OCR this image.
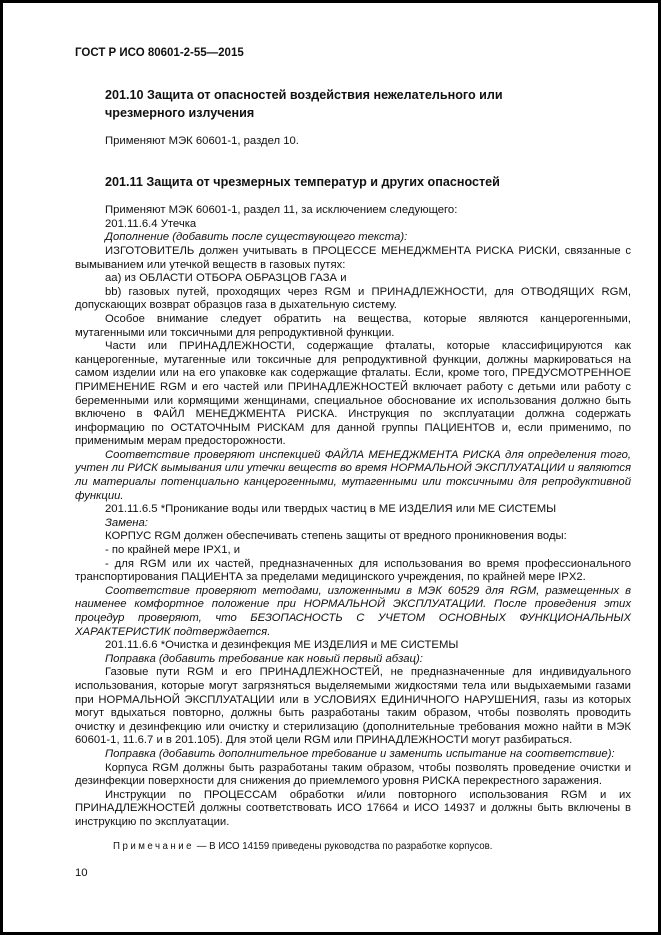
ГОСТ Р ИСО 80601-2-55—2015

201.10 Защита от опасностей воздействия нежелательного или чрезмерного излучения

Применяют МЭК 60601-1, раздел 10.

201.11 Защита от чрезмерных температур и других опасностей

Применяют МЭК 60601-1, раздел 11, за исключением следующего:

201.11.6.4 Утечка

Дополнение (добавить после существующего текста):

ИЗГОТОВИТЕЛЬ должен учитывать в ПРОЦЕССЕ МЕНЕДЖМЕНТА РИСКА РИСКИ, связанные с вымыванием или утечкой веществ в газовых путях:

aa) из ОБЛАСТИ ОТБОРА ОБРАЗЦОВ ГАЗА и

bb) газовых путей, проходящих через RGM и ПРИНАДЛЕЖНОСТИ, для ОТВОДЯЩИХ RGM, допускающих возврат образцов газа в дыхательную систему.

Особое внимание следует обратить на вещества, которые являются канцерогенными, мутагенными или токсичными для репродуктивной функции.

Части или ПРИНАДЛЕЖНОСТИ, содержащие фталаты, которые классифицируются как канцерогенные, мутагенные или токсичные для репродуктивной функции, должны маркироваться на самом изделии или на его упаковке как содержащие фталаты. Если, кроме того, ПРЕДУСМОТРЕННОЕ ПРИМЕНЕНИЕ RGM и его частей или ПРИНАДЛЕЖНОСТЕЙ включает работу с детьми или работу с беременными или кормящими женщинами, специальное обоснование их использования должно быть включено в ФАЙЛ МЕНЕДЖМЕНТА РИСКА. Инструкция по эксплуатации должна содержать информацию по ОСТАТОЧНЫМ РИСКАМ для данной группы ПАЦИЕНТОВ и, если применимо, по применимым мерам предосторожности.

Соответствие проверяют инспекцией ФАЙЛА МЕНЕДЖМЕНТА РИСКА для определения того, учтен ли РИСК вымывания или утечки веществ во время НОРМАЛЬНОЙ ЭКСПЛУАТАЦИИ и являются ли материалы потенциально канцерогенными, мутагенными или токсичными для репродуктивной функции.

201.11.6.5 *Проникание воды или твердых частиц в МЕ ИЗДЕЛИЯ или МЕ СИСТЕМЫ

Замена:

КОРПУС RGM должен обеспечивать степень защиты от вредного проникновения воды:

- по крайней мере IPX1, и

- для RGM или их частей, предназначенных для использования во время профессионального транспортирования ПАЦИЕНТА за пределами медицинского учреждения, по крайней мере IPX2.

Соответствие проверяют методами, изложенными в МЭК 60529 для RGM, размещенных в наименее комфортное положение при НОРМАЛЬНОЙ ЭКСПЛУАТАЦИИ. После проведения этих процедур проверяют, что БЕЗОПАСНОСТЬ С УЧЕТОМ ОСНОВНЫХ ФУНКЦИОНАЛЬНЫХ ХАРАКТЕРИСТИК подтверждается.

201.11.6.6 *Очистка и дезинфекция МЕ ИЗДЕЛИЯ и МЕ СИСТЕМЫ

Поправка (добавить требование как новый первый абзац):

Газовые пути RGM и его ПРИНАДЛЕЖНОСТЕЙ, не предназначенные для индивидуального использования, которые могут загрязняться выделяемыми жидкостями тела или выдыхаемыми газами при НОРМАЛЬНОЙ ЭКСПЛУАТАЦИИ или в УСЛОВИЯХ ЕДИНИЧНОГО НАРУШЕНИЯ, газы из которых могут вдыхаться повторно, должны быть разработаны таким образом, чтобы позволять проводить очистку и дезинфекцию или очистку и стерилизацию (дополнительные требования можно найти в МЭК 60601-1, 11.6.7 и в 201.105). Для этой цели RGM или ПРИНАДЛЕЖНОСТИ могут разбираться.

Поправка (добавить дополнительное требование и заменить испытание на соответствие):

Корпуса RGM должны быть разработаны таким образом, чтобы позволять проведение очистки и дезинфекции поверхности для снижения до приемлемого уровня РИСКА перекрестного заражения.

Инструкции по ПРОЦЕССАМ обработки и/или повторного использования RGM и их ПРИНАДЛЕЖНОСТЕЙ должны соответствовать ИСО 17664 и ИСО 14937 и должны быть включены в инструкцию по эксплуатации.

Примечание — В ИСО 14159 приведены руководства по разработке корпусов.
10
